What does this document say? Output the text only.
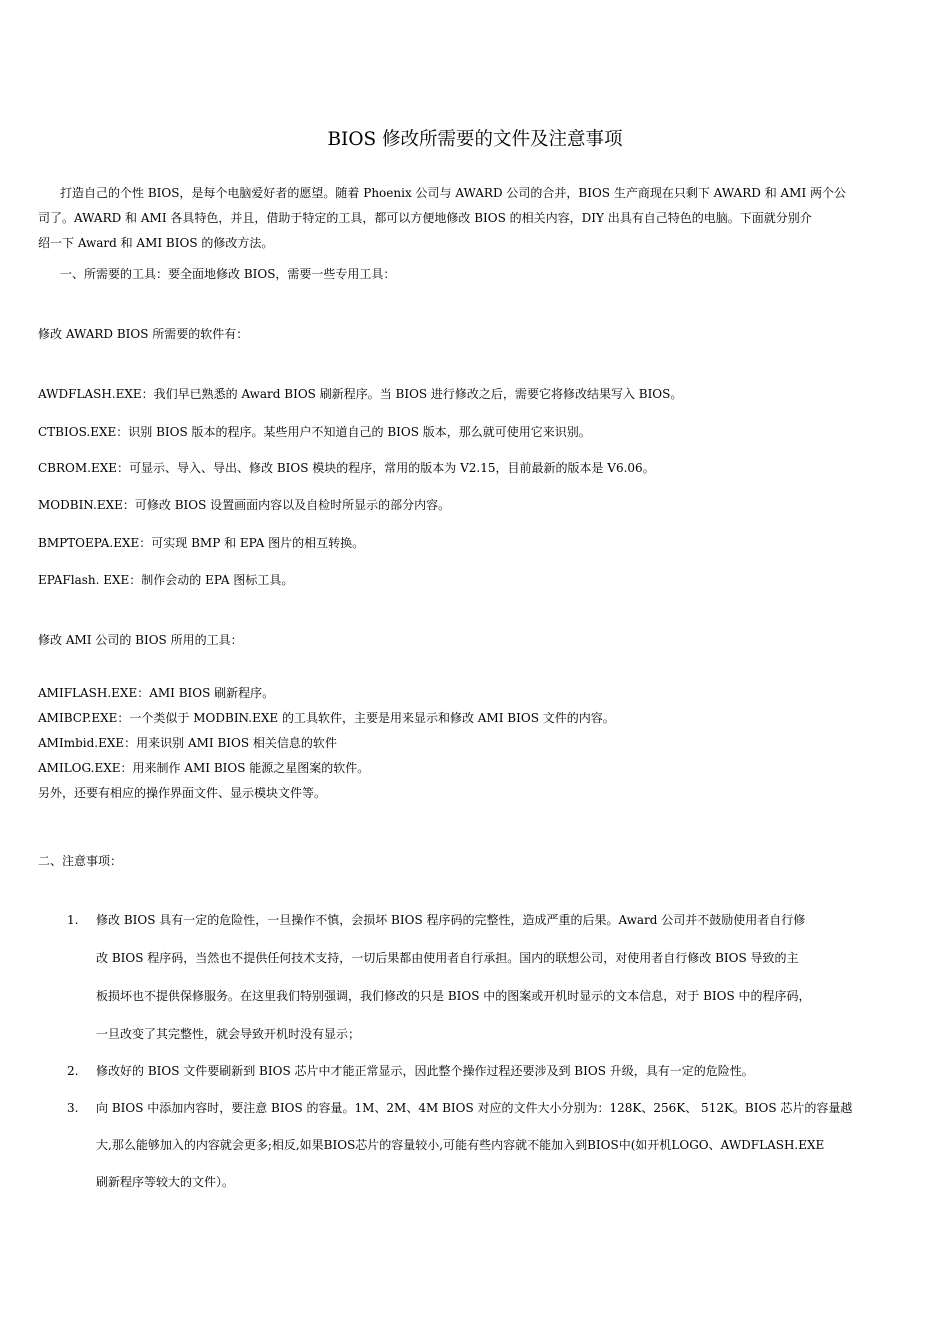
BIOS 修改所需要的文件及注意事项
打造自己的个性 BIOS，是每个电脑爱好者的愿望。随着 Phoenix 公司与 AWARD 公司的合并，BIOS 生产商现在只剩下 AWARD 和 AMI 两个公
司了。AWARD 和 AMI 各具特色，并且，借助于特定的工具，都可以方便地修改 BIOS 的相关内容，DIY 出具有自己特色的电脑。下面就分别介
绍一下 Award 和 AMI BIOS 的修改方法。
一、所需要的工具：要全面地修改 BIOS，需要一些专用工具：
修改 AWARD BIOS 所需要的软件有：
AWDFLASH.EXE：我们早已熟悉的 Award BIOS 刷新程序。当 BIOS 进行修改之后，需要它将修改结果写入 BIOS。
CTBIOS.EXE：识别 BIOS 版本的程序。某些用户不知道自己的 BIOS 版本，那么就可使用它来识别。
CBROM.EXE：可显示、导入、导出、修改 BIOS 模块的程序，常用的版本为 V2.15，目前最新的版本是 V6.06。
MODBIN.EXE：可修改 BIOS 设置画面内容以及自检时所显示的部分内容。
BMPTOEPA.EXE：可实现 BMP 和 EPA 图片的相互转换。
EPAFlash. EXE：制作会动的 EPA 图标工具。
修改 AMI 公司的 BIOS 所用的工具：
AMIFLASH.EXE：AMI BIOS 刷新程序。
AMIBCP.EXE：一个类似于 MODBIN.EXE 的工具软件，主要是用来显示和修改 AMI BIOS 文件的内容。
AMImbid.EXE：用来识别 AMI BIOS 相关信息的软件
AMILOG.EXE：用来制作 AMI BIOS 能源之星图案的软件。
另外，还要有相应的操作界面文件、显示模块文件等。
二、注意事项：
1. 修改 BIOS 具有一定的危险性，一旦操作不慎，会损坏 BIOS 程序码的完整性，造成严重的后果。Award 公司并不鼓励使用者自行修
改 BIOS 程序码，当然也不提供任何技术支持，一切后果都由使用者自行承担。国内的联想公司，对使用者自行修改 BIOS 导致的主
板损坏也不提供保修服务。在这里我们特别强调，我们修改的只是 BIOS 中的图案或开机时显示的文本信息，对于 BIOS 中的程序码，
一旦改变了其完整性，就会导致开机时没有显示；
2. 修改好的 BIOS 文件要刷新到 BIOS 芯片中才能正常显示，因此整个操作过程还要涉及到 BIOS 升级，具有一定的危险性。
3. 向 BIOS 中添加内容时，要注意 BIOS 的容量。1M、2M、4M BIOS 对应的文件大小分别为：128K、256K、 512K。BIOS 芯片的容量越
大,那么能够加入的内容就会更多;相反,如果BIOS芯片的容量较小,可能有些内容就不能加入到BIOS中(如开机LOGO、AWDFLASH.EXE
刷新程序等较大的文件）。
